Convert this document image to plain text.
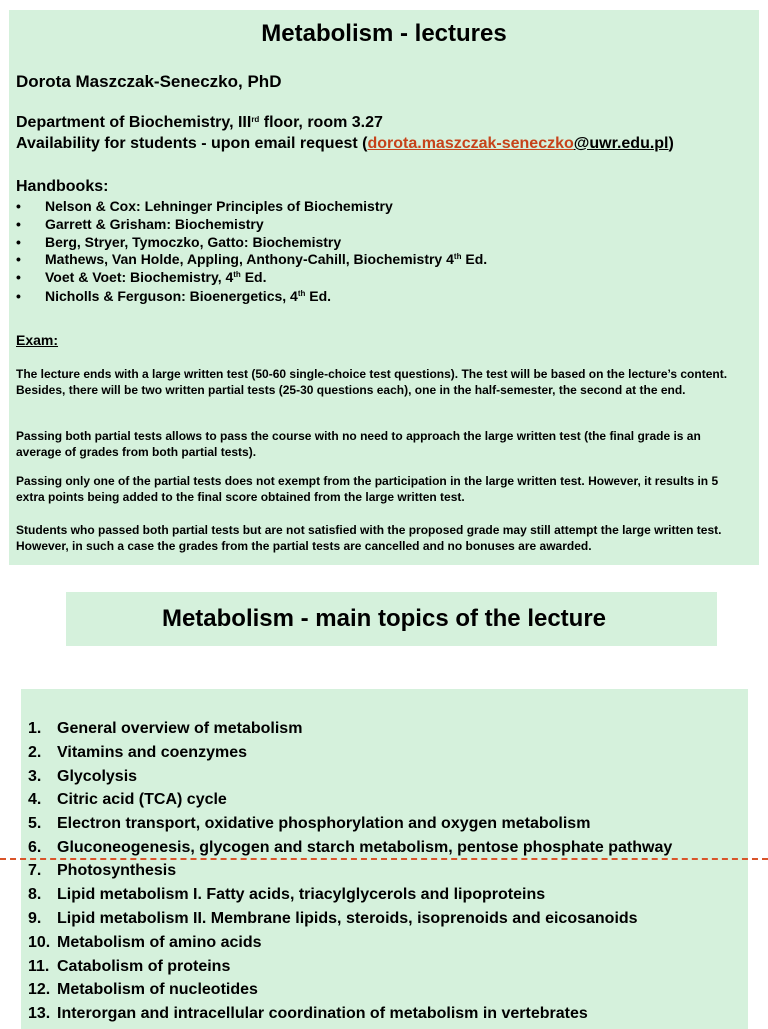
Metabolism - lectures
Dorota Maszczak-Seneczko, PhD
Department of Biochemistry, IIIrd floor, room 3.27
Availability for students - upon email request (dorota.maszczak-seneczko@uwr.edu.pl)
Handbooks:
• Nelson & Cox: Lehninger Principles of Biochemistry
• Garrett & Grisham: Biochemistry
• Berg, Stryer, Tymoczko, Gatto: Biochemistry
• Mathews, Van Holde, Appling, Anthony-Cahill, Biochemistry 4th Ed.
• Voet & Voet: Biochemistry, 4th Ed.
• Nicholls & Ferguson: Bioenergetics, 4th Ed.
Exam:
The lecture ends with a large written test (50-60 single-choice test questions). The test will be based on the lecture’s content. Besides, there will be two written partial tests (25-30 questions each), one in the half-semester, the second at the end.
Passing both partial tests allows to pass the course with no need to approach the large written test (the final grade is an average of grades from both partial tests).
Passing only one of the partial tests does not exempt from the participation in the large written test. However, it results in 5 extra points being added to the final score obtained from the large written test.
Students who passed both partial tests but are not satisfied with the proposed grade may still attempt the large written test. However, in such a case the grades from the partial tests are cancelled and no bonuses are awarded.
Metabolism - main topics of the lecture
1. General overview of metabolism
2. Vitamins and coenzymes
3. Glycolysis
4. Citric acid (TCA) cycle
5. Electron transport, oxidative phosphorylation and oxygen metabolism
6. Gluconeogenesis, glycogen and starch metabolism, pentose phosphate pathway
7. Photosynthesis
8. Lipid metabolism I. Fatty acids, triacylglycerols and lipoproteins
9. Lipid metabolism II. Membrane lipids, steroids, isoprenoids and eicosanoids
10. Metabolism of amino acids
11. Catabolism of proteins
12. Metabolism of nucleotides
13. Interorgan and intracellular coordination of metabolism in vertebrates
